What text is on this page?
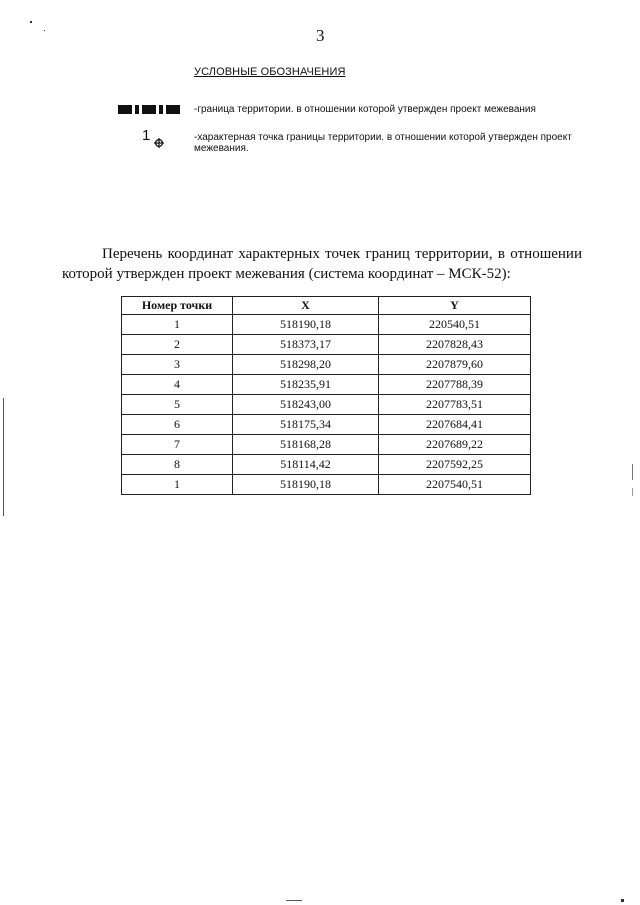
3
УСЛОВНЫЕ ОБОЗНАЧЕНИЯ
-граница территории. в отношении которой утвержден проект межевания
1	-характерная точка границы территории. в отношении которой утвержден проект межевания.
Перечень координат характерных точек границ территории, в отношении которой утвержден проект межевания (система координат – МСК-52):
Номер точки	X	Y
1	518190,18	220540,51
2	518373,17	2207828,43
3	518298,20	2207879,60
4	518235,91	2207788,39
5	518243,00	2207783,51
6	518175,34	2207684,41
7	518168,28	2207689,22
8	518114,42	2207592,25
1	518190,18	2207540,51
